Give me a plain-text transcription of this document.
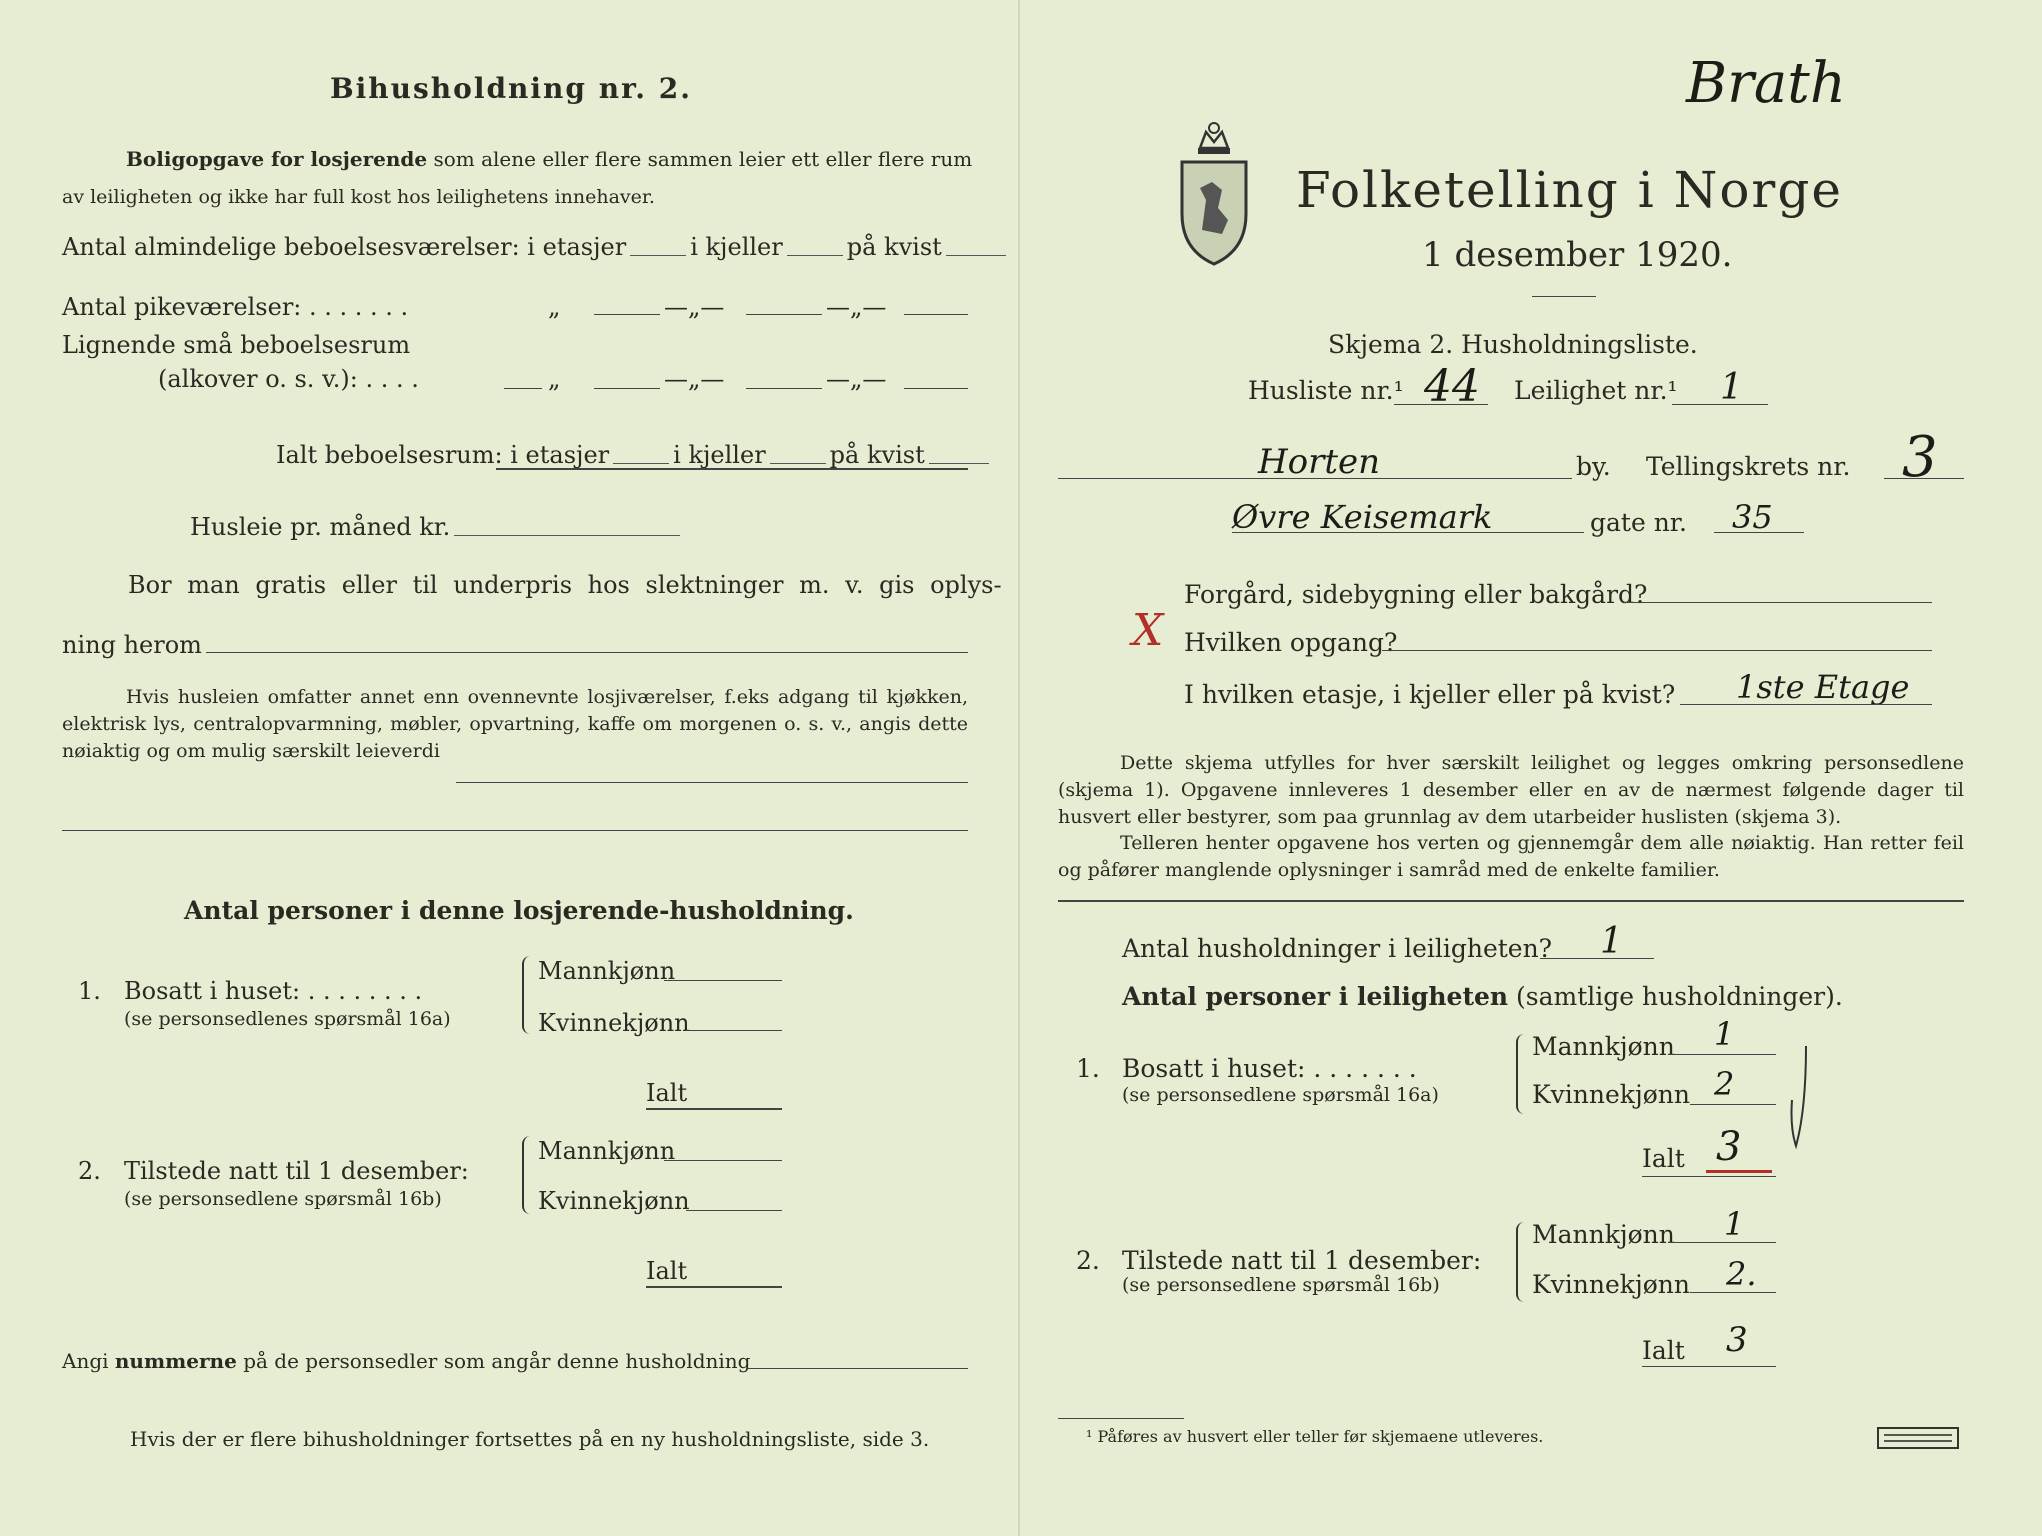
Bihusholdning nr. 2.
Boligopgave for losjerende som alene eller flere sammen leier ett eller flere rum
av leiligheten og ikke har full kost hos leilighetens innehaver.
Antal almindelige beboelsesværelser: i etasjer	i kjeller	på kvist
Antal pikeværelser: . . . . . . .	„	—„—	—„—
Lignende små beboelsesrum
(alkover o. s. v.): . . . .	„	—„—	—„—
Ialt beboelsesrum: i etasjer	i kjeller	på kvist
Husleie pr. måned kr.
Bor man gratis eller til underpris hos slektninger m. v. gis oplys-
ning herom

Hvis husleien omfatter annet enn ovennevnte losjiværelser, f.eks adgang til kjøkken, elektrisk lys, centralopvarmning, møbler, opvartning, kaffe om morgenen o. s. v., angis dette nøiaktig og om mulig særskilt leieverdi

Antal personer i denne losjerende-husholdning.
1. Bosatt i huset: . . . . . . . .
(se personsedlenes spørsmål 16a)
Mannkjønn
Kvinnekjønn
Ialt
2. Tilstede natt til 1 desember:
(se personsedlene spørsmål 16b)
Mannkjønn
Kvinnekjønn
Ialt
Angi nummerne på de personsedler som angår denne husholdning
Hvis der er flere bihusholdninger fortsettes på en ny husholdningsliste, side 3.
Brath
Folketelling i Norge
1 desember 1920.
Skjema 2. Husholdningsliste.
Husliste nr.¹ 44 Leilighet nr.¹ 1
Horten	by. Tellingskrets nr. 3
Øvre Keisemark	gate nr. 35
X
Forgård, sidebygning eller bakgård?
Hvilken opgang?
I hvilken etasje, i kjeller eller på kvist? 1ste Etage

Dette skjema utfylles for hver særskilt leilighet og legges omkring personsedlene (skjema 1). Opgavene innleveres 1 desember eller en av de nærmest følgende dager til husvert eller bestyrer, som paa grunnlag av dem utarbeider huslisten (skjema 3).

Telleren henter opgavene hos verten og gjennemgår dem alle nøiaktig. Han retter feil og påfører manglende oplysninger i samråd med de enkelte familier.

Antal husholdninger i leiligheten? 1
Antal personer i leiligheten (samtlige husholdninger).
1. Bosatt i huset: . . . . . . .
(se personsedlene spørsmål 16a)
Mannkjønn 1
Kvinnekjønn 2
Ialt 3
2. Tilstede natt til 1 desember:
(se personsedlene spørsmål 16b)
Mannkjønn 1
Kvinnekjønn 2.
Ialt 3
¹ Påføres av husvert eller teller før skjemaene utleveres.
